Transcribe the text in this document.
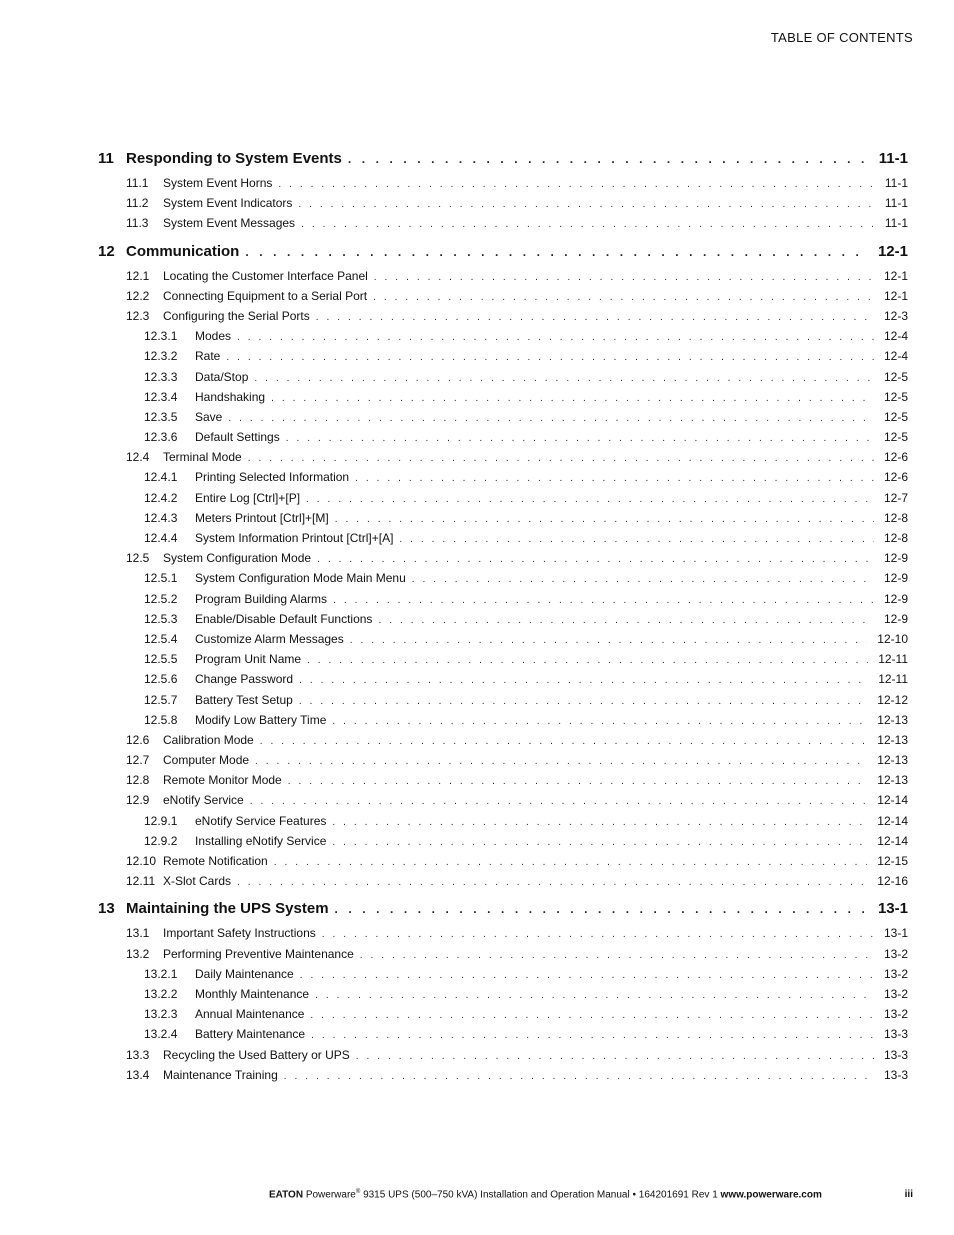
TABLE OF CONTENTS
11 Responding to System Events . . .	11-1
11.1	System Event Horns . . .	11-1
11.2	System Event Indicators . . .	11-1
11.3	System Event Messages . . .	11-1
12 Communication . . .	12-1
12.1	Locating the Customer Interface Panel . . .	12-1
12.2	Connecting Equipment to a Serial Port . . .	12-1
12.3	Configuring the Serial Ports . . .	12-3
12.3.1	Modes . . .	12-4
12.3.2	Rate . . .	12-4
12.3.3	Data/Stop . . .	12-5
12.3.4	Handshaking . . .	12-5
12.3.5	Save . . .	12-5
12.3.6	Default Settings . . .	12-5
12.4	Terminal Mode . . .	12-6
12.4.1	Printing Selected Information . . .	12-6
12.4.2	Entire Log [Ctrl]+[P] . . .	12-7
12.4.3	Meters Printout [Ctrl]+[M] . . .	12-8
12.4.4	System Information Printout [Ctrl]+[A] . . .	12-8
12.5	System Configuration Mode . . .	12-9
12.5.1	System Configuration Mode Main Menu . . .	12-9
12.5.2	Program Building Alarms . . .	12-9
12.5.3	Enable/Disable Default Functions . . .	12-9
12.5.4	Customize Alarm Messages . . .	12-10
12.5.5	Program Unit Name . . .	12-11
12.5.6	Change Password . . .	12-11
12.5.7	Battery Test Setup . . .	12-12
12.5.8	Modify Low Battery Time . . .	12-13
12.6	Calibration Mode . . .	12-13
12.7	Computer Mode . . .	12-13
12.8	Remote Monitor Mode . . .	12-13
12.9	eNotify Service . . .	12-14
12.9.1	eNotify Service Features . . .	12-14
12.9.2	Installing eNotify Service . . .	12-14
12.10 Remote Notification . . .	12-15
12.11 X-Slot Cards . . .	12-16
13 Maintaining the UPS System . . .	13-1
13.1	Important Safety Instructions . . .	13-1
13.2	Performing Preventive Maintenance . . .	13-2
13.2.1	Daily Maintenance . . .	13-2
13.2.2	Monthly Maintenance . . .	13-2
13.2.3	Annual Maintenance . . .	13-2
13.2.4	Battery Maintenance . . .	13-3
13.3	Recycling the Used Battery or UPS . . .	13-3
13.4	Maintenance Training . . .	13-3
EATON Powerware® 9315 UPS (500–750 kVA) Installation and Operation Manual • 164201691 Rev 1 www.powerware.com	iii
